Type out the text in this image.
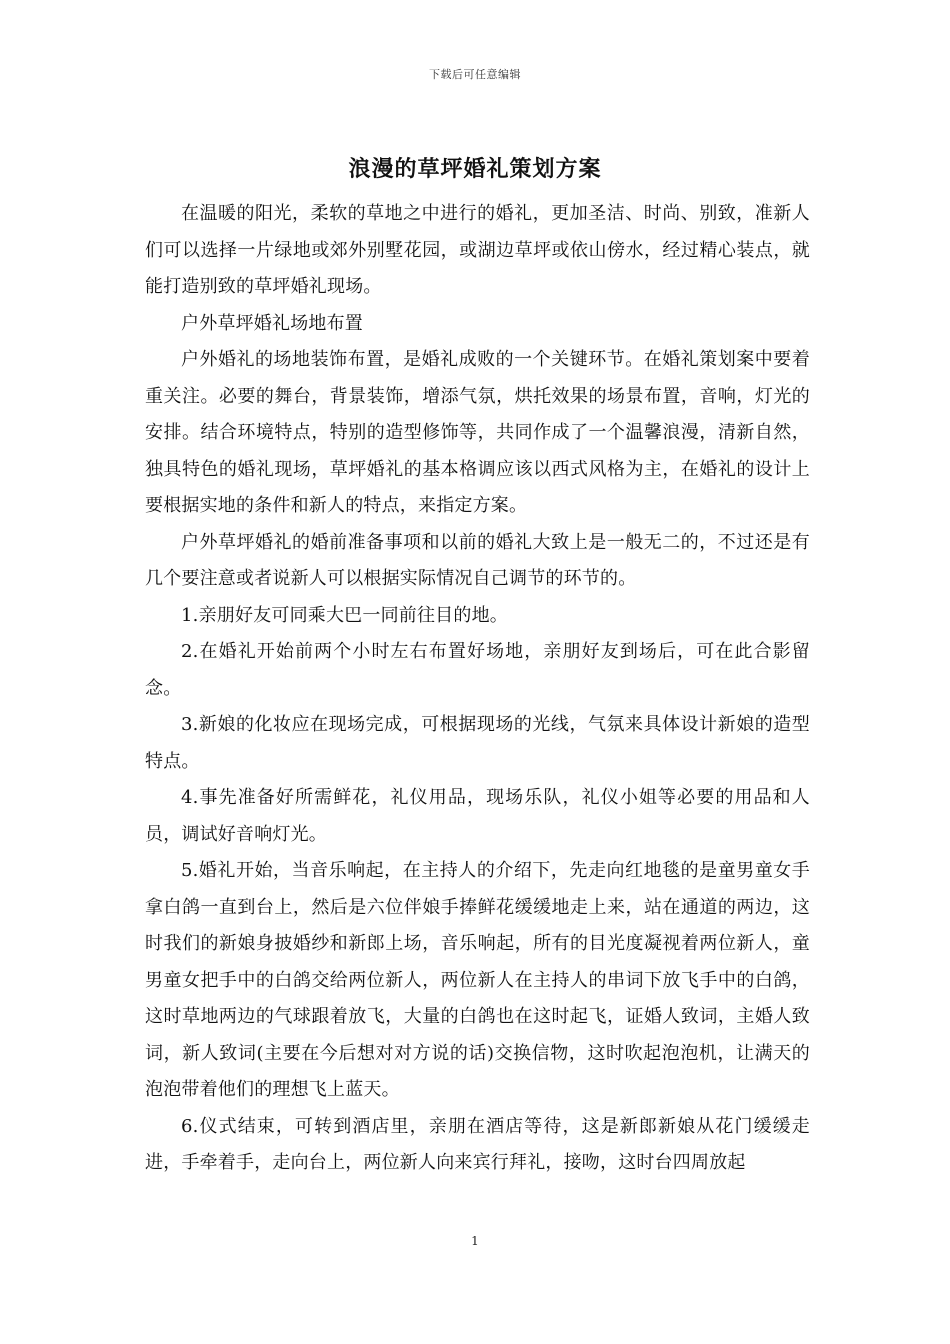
下载后可任意编辑
浪漫的草坪婚礼策划方案

在温暖的阳光，柔软的草地之中进行的婚礼，更加圣洁、时尚、别致，准新人们可以选择一片绿地或郊外别墅花园，或湖边草坪或依山傍水，经过精心装点，就能打造别致的草坪婚礼现场。

户外草坪婚礼场地布置

户外婚礼的场地装饰布置，是婚礼成败的一个关键环节。在婚礼策划案中要着重关注。必要的舞台，背景装饰，增添气氛，烘托效果的场景布置，音响，灯光的安排。结合环境特点，特别的造型修饰等，共同作成了一个温馨浪漫，清新自然，独具特色的婚礼现场，草坪婚礼的基本格调应该以西式风格为主，在婚礼的设计上要根据实地的条件和新人的特点，来指定方案。

户外草坪婚礼的婚前准备事项和以前的婚礼大致上是一般无二的，不过还是有几个要注意或者说新人可以根据实际情况自己调节的环节的。

1.亲朋好友可同乘大巴一同前往目的地。

2.在婚礼开始前两个小时左右布置好场地，亲朋好友到场后，可在此合影留念。

3.新娘的化妆应在现场完成，可根据现场的光线，气氛来具体设计新娘的造型特点。

4.事先准备好所需鲜花，礼仪用品，现场乐队，礼仪小姐等必要的用品和人员，调试好音响灯光。

5.婚礼开始，当音乐响起，在主持人的介绍下，先走向红地毯的是童男童女手拿白鸽一直到台上，然后是六位伴娘手捧鲜花缓缓地走上来，站在通道的两边，这时我们的新娘身披婚纱和新郎上场，音乐响起，所有的目光度凝视着两位新人，童男童女把手中的白鸽交给两位新人，两位新人在主持人的串词下放飞手中的白鸽，这时草地两边的气球跟着放飞，大量的白鸽也在这时起飞，证婚人致词，主婚人致词，新人致词(主要在今后想对对方说的话)交换信物，这时吹起泡泡机，让满天的泡泡带着他们的理想飞上蓝天。

6.仪式结束，可转到酒店里，亲朋在酒店等待，这是新郎新娘从花门缓缓走进，手牵着手，走向台上，两位新人向来宾行拜礼，接吻，这时台四周放起

1
